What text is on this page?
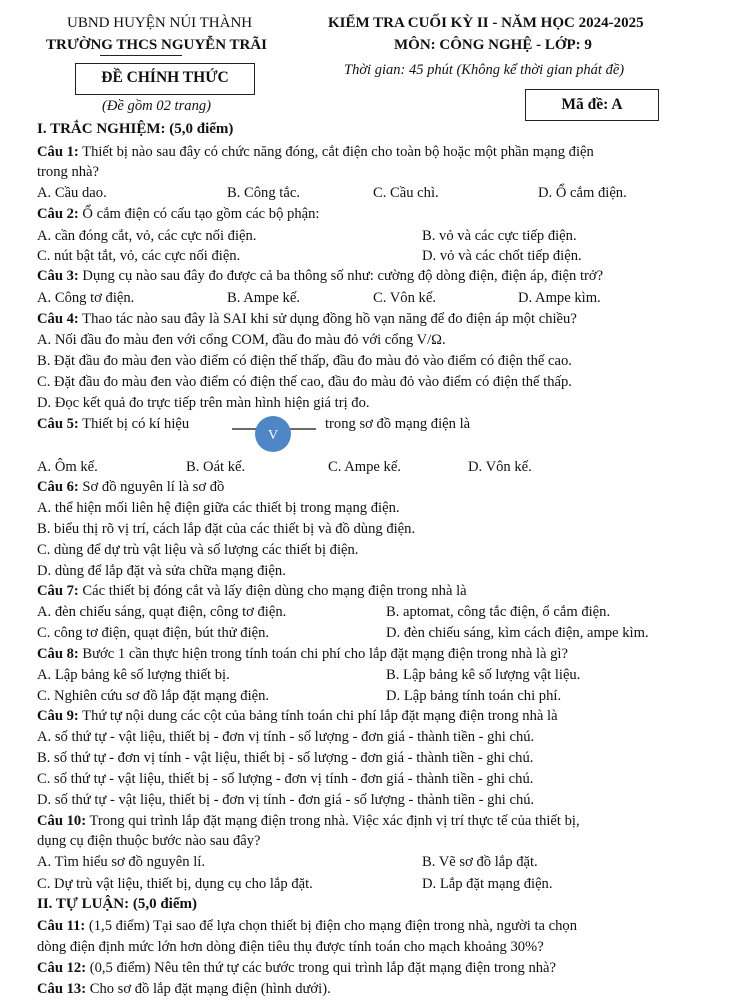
UBND HUYỆN NÚI THÀNH
TRƯỜNG THCS NGUYỄN TRÃI
ĐỀ CHÍNH THỨC
(Đề gồm 02 trang)
KIỂM TRA CUỐI KỲ II - NĂM HỌC 2024-2025
MÔN: CÔNG NGHỆ - LỚP: 9
Thời gian: 45 phút (Không kể thời gian phát đề)
Mã đề: A
I. TRẮC NGHIỆM: (5,0 điểm)
Câu 1: Thiết bị nào sau đây có chức năng đóng, cắt điện cho toàn bộ hoặc một phần mạng điện
trong nhà?
A. Cầu dao.	B. Công tắc.	C. Cầu chì.	D. Ổ cắm điện.
Câu 2: Ổ cắm điện có cấu tạo gồm các bộ phận:
A. cần đóng cắt, vỏ, các cực nối điện.	B. vỏ và các cực tiếp điện.
C. nút bật tắt, vỏ, các cực nối điện.	D. vỏ và các chốt tiếp điện.
Câu 3: Dụng cụ nào sau đây đo được cả ba thông số như: cường độ dòng điện, điện áp, điện trở?
A. Công tơ điện.	B. Ampe kế.	C. Vôn kế.	D. Ampe kìm.
Câu 4: Thao tác nào sau đây là SAI khi sử dụng đồng hồ vạn năng để đo điện áp một chiều?
A. Nối đầu đo màu đen với cổng COM, đầu đo màu đỏ với cổng V/Ω.
B. Đặt đầu đo màu đen vào điểm có điện thế thấp, đầu đo màu đỏ vào điểm có điện thế cao.
C. Đặt đầu đo màu đen vào điểm có điện thế cao, đầu đo màu đỏ vào điểm có điện thế thấp.
D. Đọc kết quả đo trực tiếp trên màn hình hiện giá trị đo.
Câu 5: Thiết bị có kí hiệu
V
trong sơ đồ mạng điện là
A. Ôm kế.	B. Oát kế.	C. Ampe kế.	D. Vôn kế.
Câu 6: Sơ đồ nguyên lí là sơ đồ
A. thể hiện mối liên hệ điện giữa các thiết bị trong mạng điện.
B. biểu thị rõ vị trí, cách lắp đặt của các thiết bị và đồ dùng điện.
C. dùng để dự trù vật liệu và số lượng các thiết bị điện.
D. dùng để lắp đặt và sửa chữa mạng điện.
Câu 7: Các thiết bị đóng cắt và lấy điện dùng cho mạng điện trong nhà là
A. đèn chiếu sáng, quạt điện, công tơ điện.	B. aptomat, công tắc điện, ổ cắm điện.
C. công tơ điện, quạt điện, bút thử điện.	D. đèn chiếu sáng, kìm cách điện, ampe kìm.
Câu 8: Bước 1 cần thực hiện trong tính toán chi phí cho lắp đặt mạng điện trong nhà là gì?
A. Lập bảng kê số lượng thiết bị.	B. Lập bảng kê số lượng vật liệu.
C. Nghiên cứu sơ đồ lắp đặt mạng điện.	D. Lập bảng tính toán chi phí.
Câu 9: Thứ tự nội dung các cột của bảng tính toán chi phí lắp đặt mạng điện trong nhà là
A. số thứ tự - vật liệu, thiết bị - đơn vị tính - số lượng - đơn giá - thành tiền - ghi chú.
B. số thứ tự - đơn vị tính - vật liệu, thiết bị - số lượng - đơn giá - thành tiền - ghi chú.
C. số thứ tự - vật liệu, thiết bị - số lượng - đơn vị tính - đơn giá - thành tiền - ghi chú.
D. số thứ tự - vật liệu, thiết bị - đơn vị tính - đơn giá - số lượng - thành tiền - ghi chú.
Câu 10: Trong qui trình lắp đặt mạng điện trong nhà. Việc xác định vị trí thực tế của thiết bị,
dụng cụ điện thuộc bước nào sau đây?
A. Tìm hiểu sơ đồ nguyên lí.	B. Vẽ sơ đồ lắp đặt.
C. Dự trù vật liệu, thiết bị, dụng cụ cho lắp đặt.	D. Lắp đặt mạng điện.
II. TỰ LUẬN: (5,0 điểm)
Câu 11: (1,5 điểm) Tại sao để lựa chọn thiết bị điện cho mạng điện trong nhà, người ta chọn
dòng điện định mức lớn hơn dòng điện tiêu thụ được tính toán cho mạch khoảng 30%?
Câu 12: (0,5 điểm) Nêu tên thứ tự các bước trong qui trình lắp đặt mạng điện trong nhà?
Câu 13: Cho sơ đồ lắp đặt mạng điện (hình dưới).
